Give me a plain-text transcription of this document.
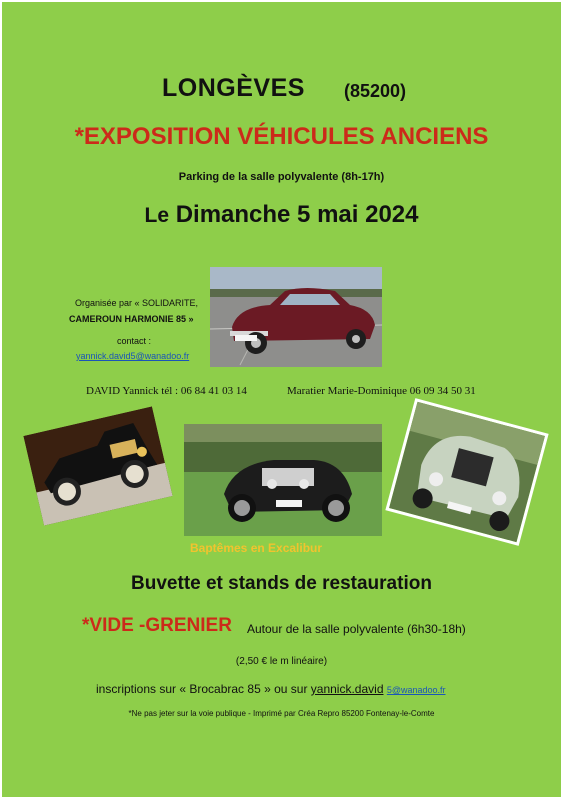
LONGÈVES (85200)
*EXPOSITION VÉHICULES ANCIENS
Parking de la salle polyvalente (8h-17h)
Le Dimanche 5 mai 2024
Organisée par « SOLIDARITE,
CAMEROUN HARMONIE 85 »
contact :
yannick.david5@wanadoo.fr
DAVID Yannick tél : 06 84 41 03 14	Maratier Marie-Dominique 06 09 34 50 31
Baptêmes en Excalibur
Buvette et stands de restauration
*VIDE -GRENIER Autour de la salle polyvalente (6h30-18h)
(2,50 € le m linéaire)
inscriptions sur « Brocabrac 85 » ou sur yannick.david 5@wanadoo.fr
*Ne pas jeter sur la voie publique - Imprimé par Créa Repro 85200 Fontenay-le-Comte
